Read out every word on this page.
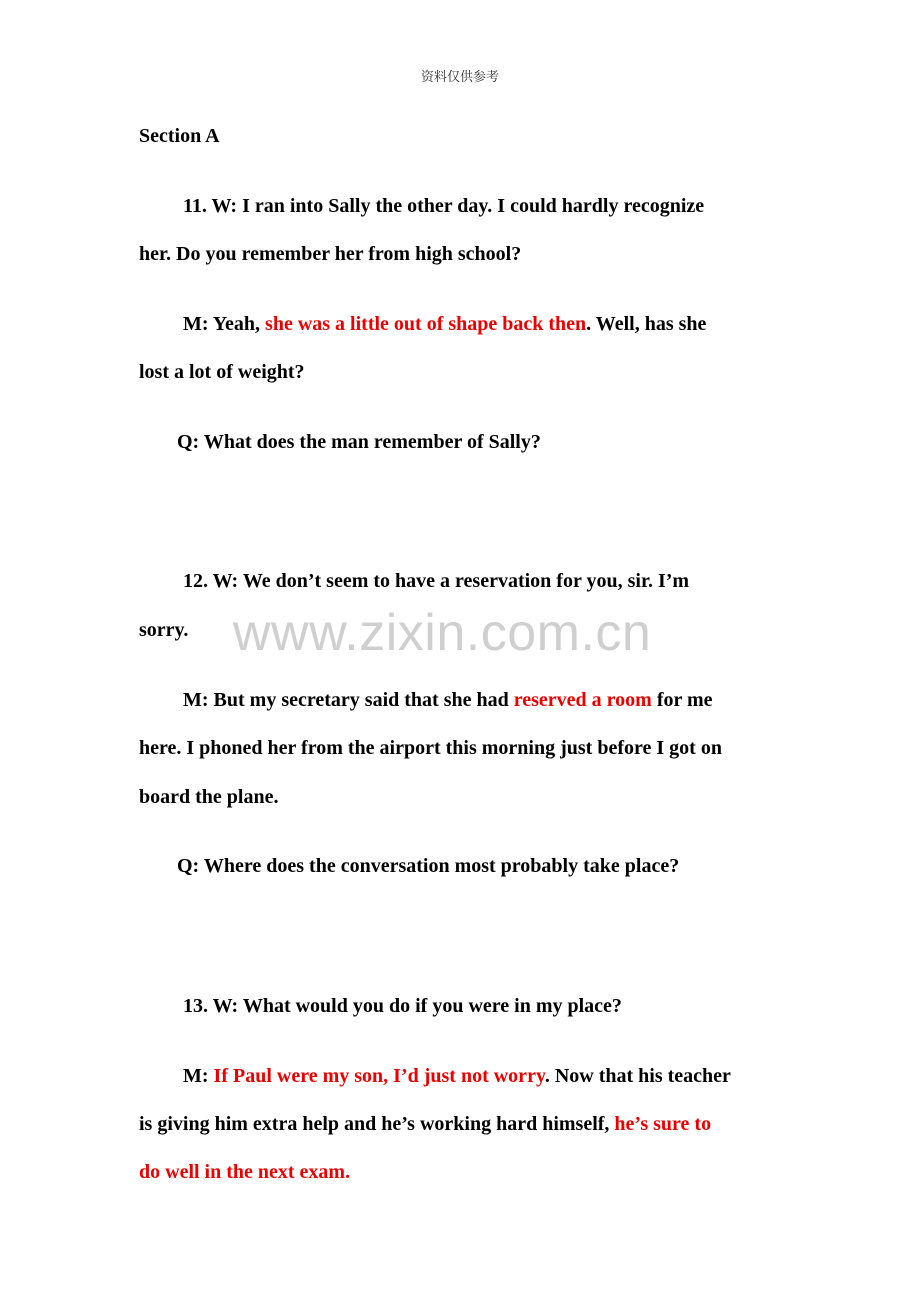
资料仅供参考
www.zixin.com.cn
Section A
11. W: I ran into Sally the other day. I could hardly recognize
her. Do you remember her from high school?
M: Yeah, she was a little out of shape back then. Well, has she
lost a lot of weight?
Q: What does the man remember of Sally?
12. W: We don’t seem to have a reservation for you, sir. I’m
sorry.
M: But my secretary said that she had reserved a room for me
here. I phoned her from the airport this morning just before I got on
board the plane.
Q: Where does the conversation most probably take place?
13. W: What would you do if you were in my place?
M: If Paul were my son, I’d just not worry. Now that his teacher
is giving him extra help and he’s working hard himself, he’s sure to
do well in the next exam.
